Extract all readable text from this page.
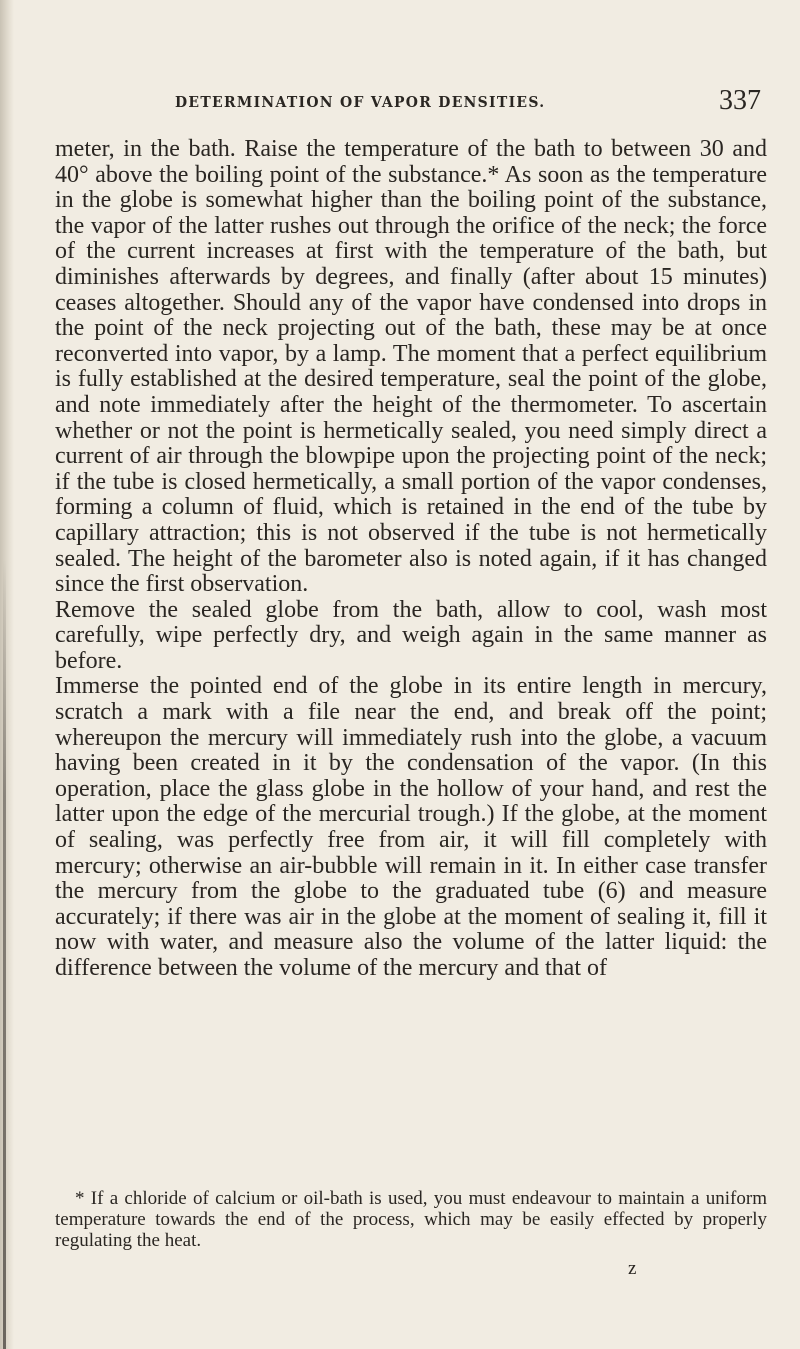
DETERMINATION OF VAPOR DENSITIES.	337

meter, in the bath. Raise the temperature of the bath to between 30 and 40° above the boiling point of the substance.* As soon as the temperature in the globe is somewhat higher than the boiling point of the substance, the vapor of the latter rushes out through the orifice of the neck; the force of the current increases at first with the temperature of the bath, but diminishes afterwards by degrees, and finally (after about 15 minutes) ceases altogether. Should any of the vapor have condensed into drops in the point of the neck projecting out of the bath, these may be at once reconverted into vapor, by a lamp. The moment that a perfect equilibrium is fully established at the desired temperature, seal the point of the globe, and note immediately after the height of the thermometer. To ascertain whether or not the point is hermetically sealed, you need simply direct a current of air through the blowpipe upon the projecting point of the neck; if the tube is closed hermetically, a small portion of the vapor condenses, forming a column of fluid, which is retained in the end of the tube by capillary attraction; this is not observed if the tube is not hermetically sealed. The height of the barometer also is noted again, if it has changed since the first observation.

Remove the sealed globe from the bath, allow to cool, wash most carefully, wipe perfectly dry, and weigh again in the same manner as before.

Immerse the pointed end of the globe in its entire length in mercury, scratch a mark with a file near the end, and break off the point; whereupon the mercury will immediately rush into the globe, a vacuum having been created in it by the condensation of the vapor. (In this operation, place the glass globe in the hollow of your hand, and rest the latter upon the edge of the mercurial trough.) If the globe, at the moment of sealing, was perfectly free from air, it will fill completely with mercury; otherwise an air-bubble will remain in it. In either case transfer the mercury from the globe to the graduated tube (6) and measure accurately; if there was air in the globe at the moment of sealing it, fill it now with water, and measure also the volume of the latter liquid: the difference between the volume of the mercury and that of

* If a chloride of calcium or oil-bath is used, you must endeavour to maintain a uniform temperature towards the end of the process, which may be easily effected by properly regulating the heat.
z
